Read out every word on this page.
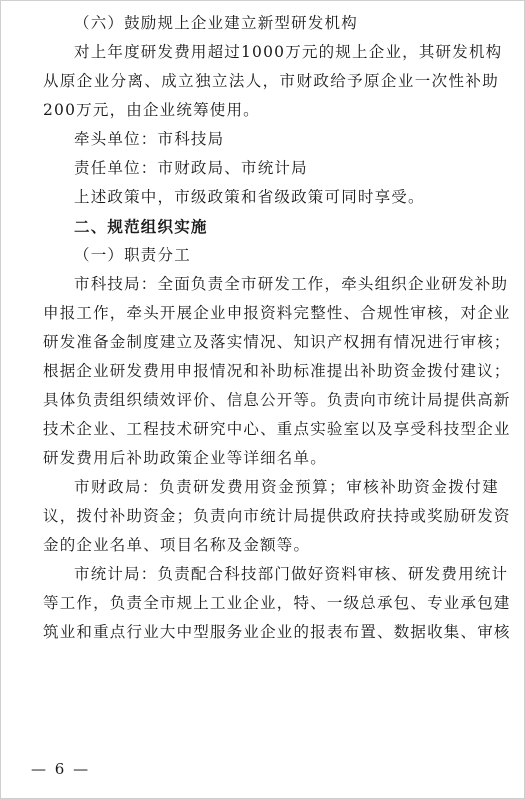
（六）鼓励规上企业建立新型研发机构
对上年度研发费用超过1000万元的规上企业，其研发机构
从原企业分离、成立独立法人，市财政给予原企业一次性补助
200万元，由企业统筹使用。
牵头单位：市科技局
责任单位：市财政局、市统计局
上述政策中，市级政策和省级政策可同时享受。
二、规范组织实施
（一）职责分工
市科技局：全面负责全市研发工作，牵头组织企业研发补助
申报工作，牵头开展企业申报资料完整性、合规性审核，对企业
研发准备金制度建立及落实情况、知识产权拥有情况进行审核；
根据企业研发费用申报情况和补助标准提出补助资金拨付建议；
具体负责组织绩效评价、信息公开等。负责向市统计局提供高新
技术企业、工程技术研究中心、重点实验室以及享受科技型企业
研发费用后补助政策企业等详细名单。
市财政局：负责研发费用资金预算；审核补助资金拨付建
议，拨付补助资金；负责向市统计局提供政府扶持或奖励研发资
金的企业名单、项目名称及金额等。
市统计局：负责配合科技部门做好资料审核、研发费用统计
等工作，负责全市规上工业企业，特、一级总承包、专业承包建
筑业和重点行业大中型服务业企业的报表布置、数据收集、审核
— 6 —
